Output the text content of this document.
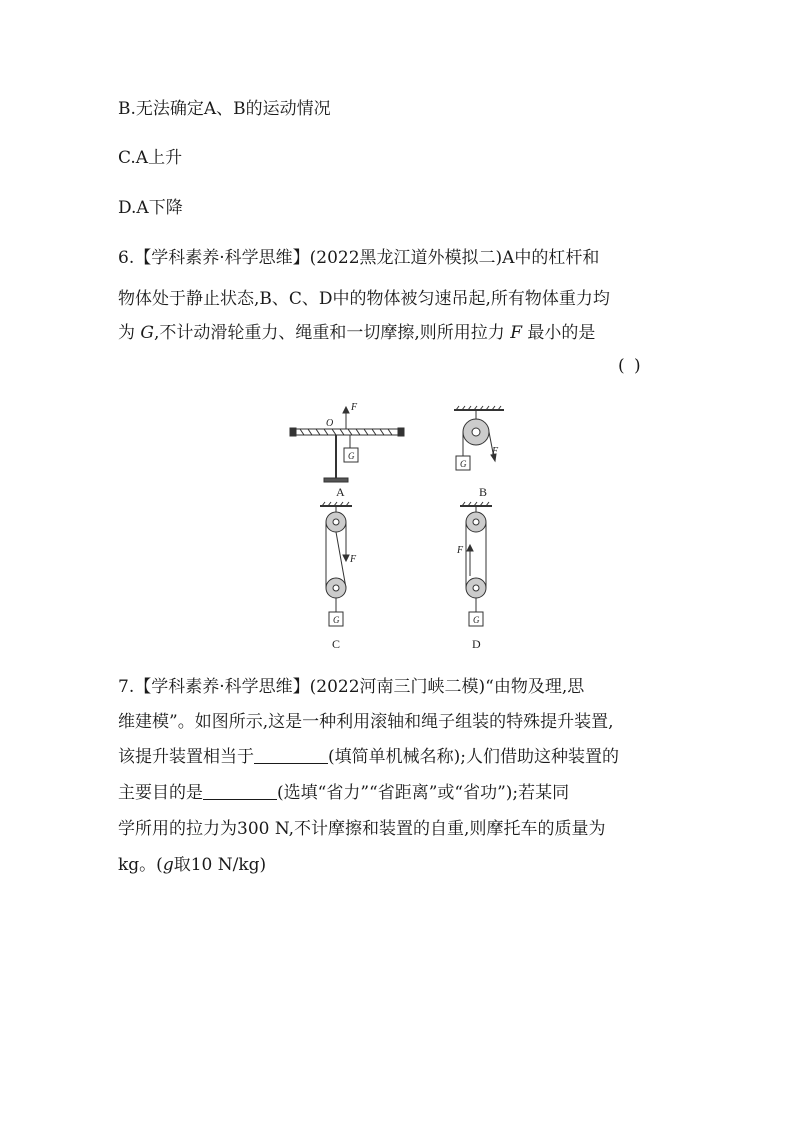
B.无法确定A、B的运动情况
C.A上升
D.A下降
6.【学科素养·科学思维】(2022黑龙江道外模拟二)A中的杠杆和
物体处于静止状态,B、C、D中的物体被匀速吊起,所有物体重力均
为 G,不计动滑轮重力、绳重和一切摩擦,则所用拉力 F 最小的是
( )
O
F
G
A
G
F
B
F
G
C
F
G
D
7.【学科素养·科学思维】(2022河南三门峡二模)“由物及理,思
维建模”。如图所示,这是一种利用滚轴和绳子组装的特殊提升装置,
该提升装置相当于	(填简单机械名称);人们借助这种装置的
主要目的是	(选填“省力”“省距离”或“省功”);若某同
学所用的拉力为300 N,不计摩擦和装置的自重,则摩托车的质量为
kg。(g取10 N/kg)
